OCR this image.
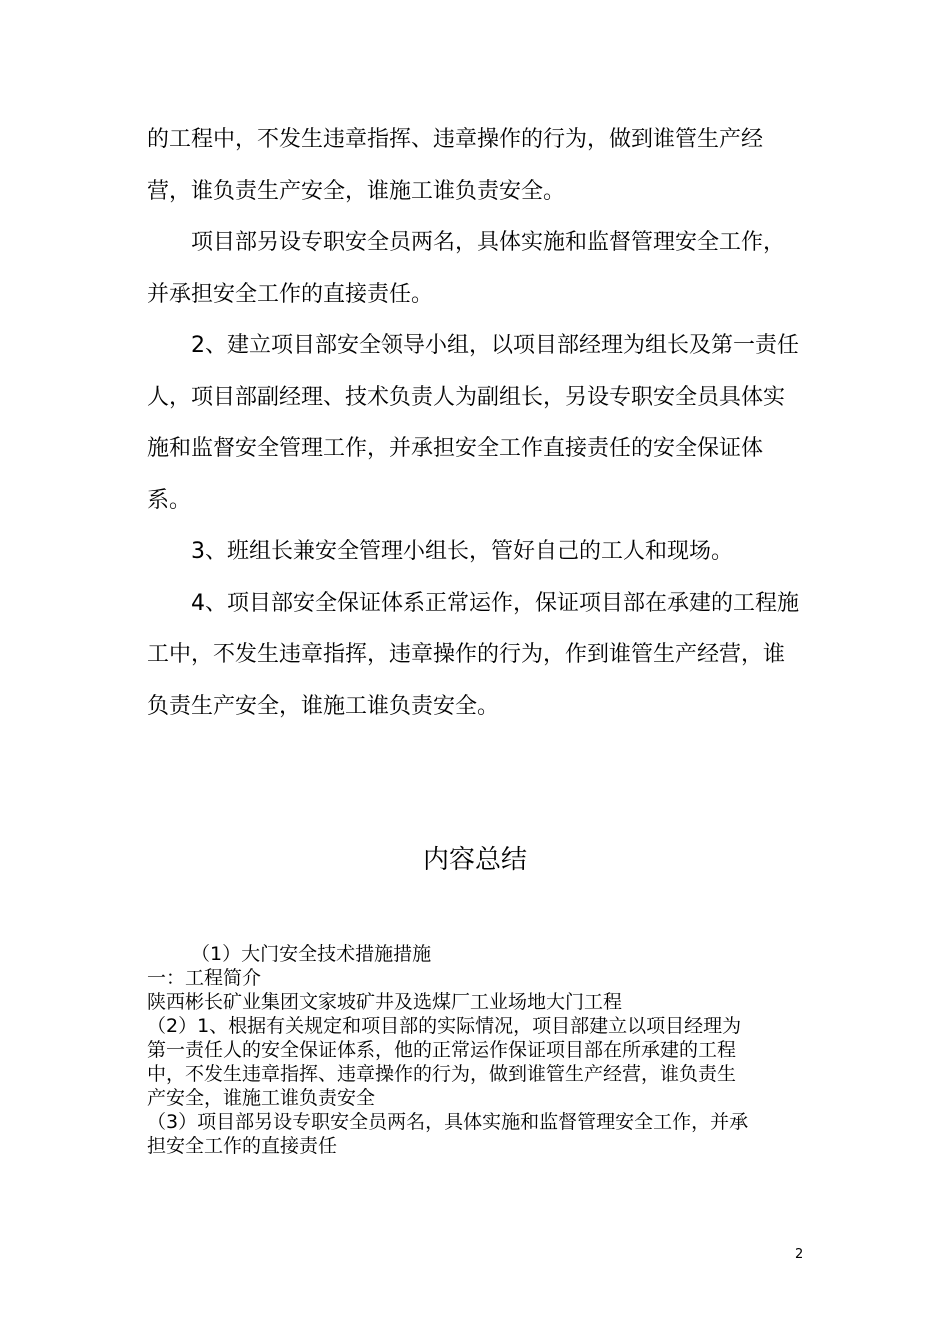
的工程中，不发生违章指挥、违章操作的行为，做到谁管生产经

营，谁负责生产安全，谁施工谁负责安全。

项目部另设专职安全员两名，具体实施和监督管理安全工作，

并承担安全工作的直接责任。

2、建立项目部安全领导小组，以项目部经理为组长及第一责任

人，项目部副经理、技术负责人为副组长，另设专职安全员具体实

施和监督安全管理工作，并承担安全工作直接责任的安全保证体

系。

3、班组长兼安全管理小组长，管好自己的工人和现场。

4、项目部安全保证体系正常运作，保证项目部在承建的工程施

工中，不发生违章指挥，违章操作的行为，作到谁管生产经营，谁

负责生产安全，谁施工谁负责安全。

内容总结

（1）大门安全技术措施措施

一：工程简介

陕西彬长矿业集团文家坡矿井及选煤厂工业场地大门工程

（2）1、根据有关规定和项目部的实际情况，项目部建立以项目经理为

第一责任人的安全保证体系，他的正常运作保证项目部在所承建的工程

中，不发生违章指挥、违章操作的行为，做到谁管生产经营，谁负责生

产安全，谁施工谁负责安全

（3）项目部另设专职安全员两名，具体实施和监督管理安全工作，并承

担安全工作的直接责任

2
